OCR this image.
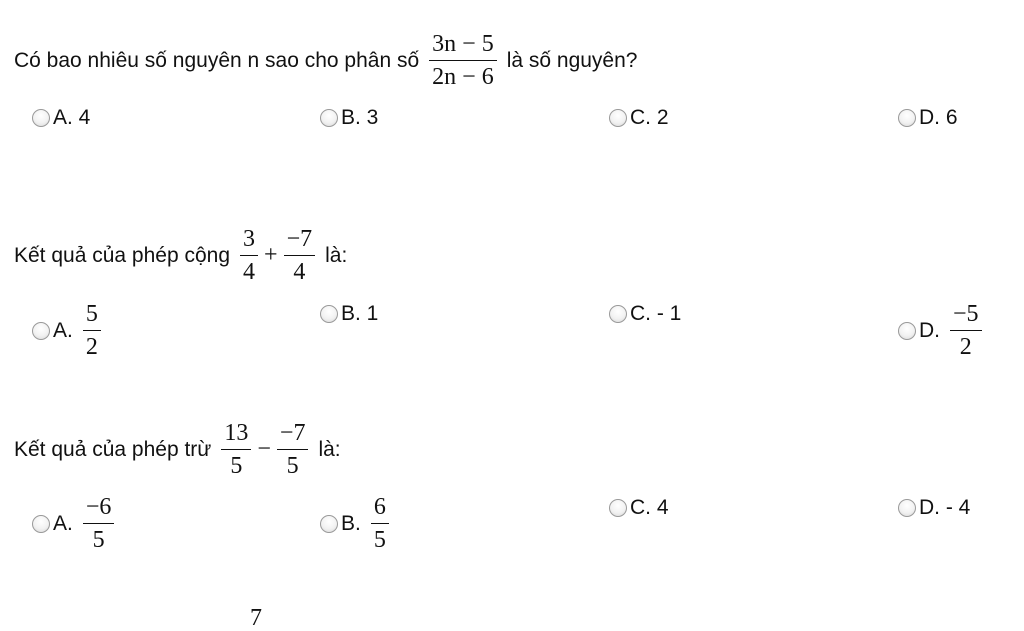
Có bao nhiêu số nguyên n sao cho phân số $\frac{3n - 5}{2n - 6}$ là số nguyên?
A. 4	B. 3	C. 2	D. 6
Kết quả của phép cộng $\frac{3}{4} + \frac{-7}{4}$ là:
A. $\frac{5}{2}$	B. 1	C. - 1
D. $\frac{-5}{2}$
Kết quả của phép trừ $\frac{13}{5} - \frac{-7}{5}$ là:
A. $\frac{-6}{5}$	B. $\frac{6}{5}$	C. 4	D. - 4
7
